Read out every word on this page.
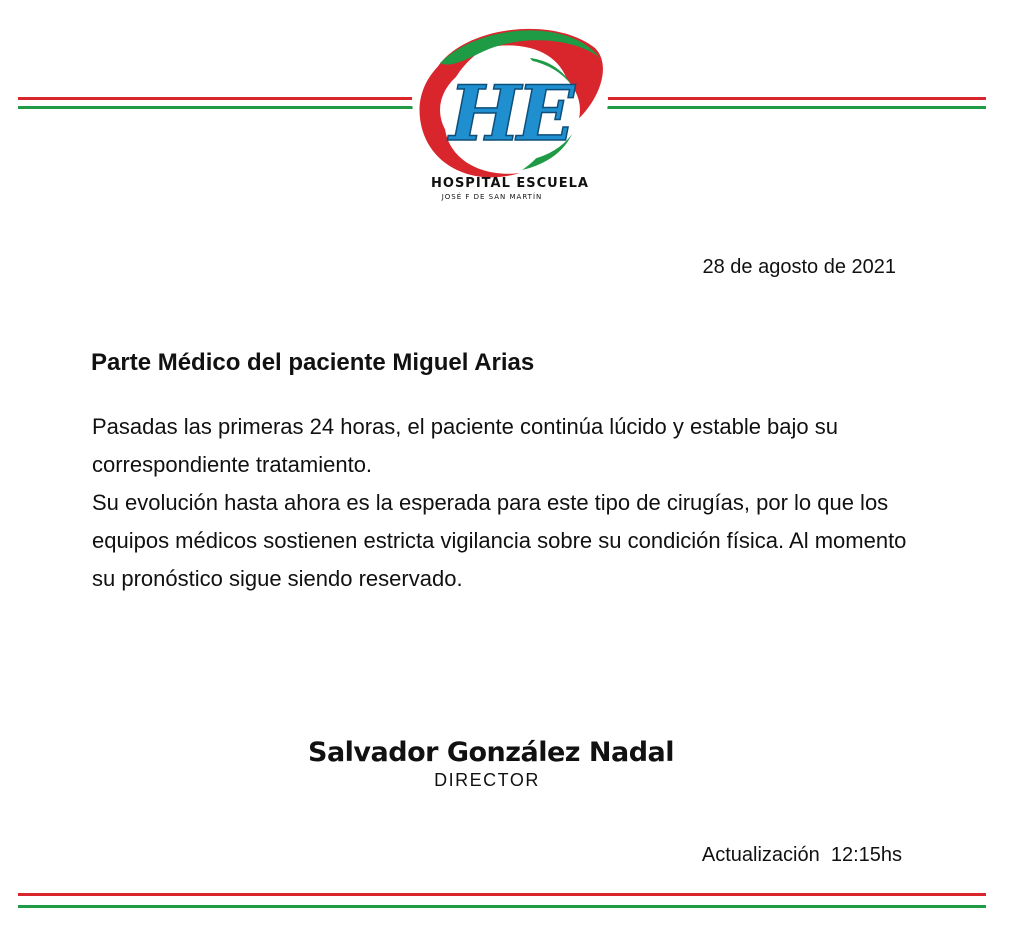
HE
HOSPITAL ESCUELA
JOSÉ F DE SAN MARTÍN
28 de agosto de 2021
Parte Médico del paciente Miguel Arias

Pasadas las primeras 24 horas, el paciente continúa lúcido y estable bajo su correspondiente tratamiento.

Su evolución hasta ahora es la esperada para este tipo de cirugías, por lo que los equipos médicos sostienen estricta vigilancia sobre su condición física. Al momento su pronóstico sigue siendo reservado.

Salvador González Nadal
DIRECTOR
Actualización 12:15hs
